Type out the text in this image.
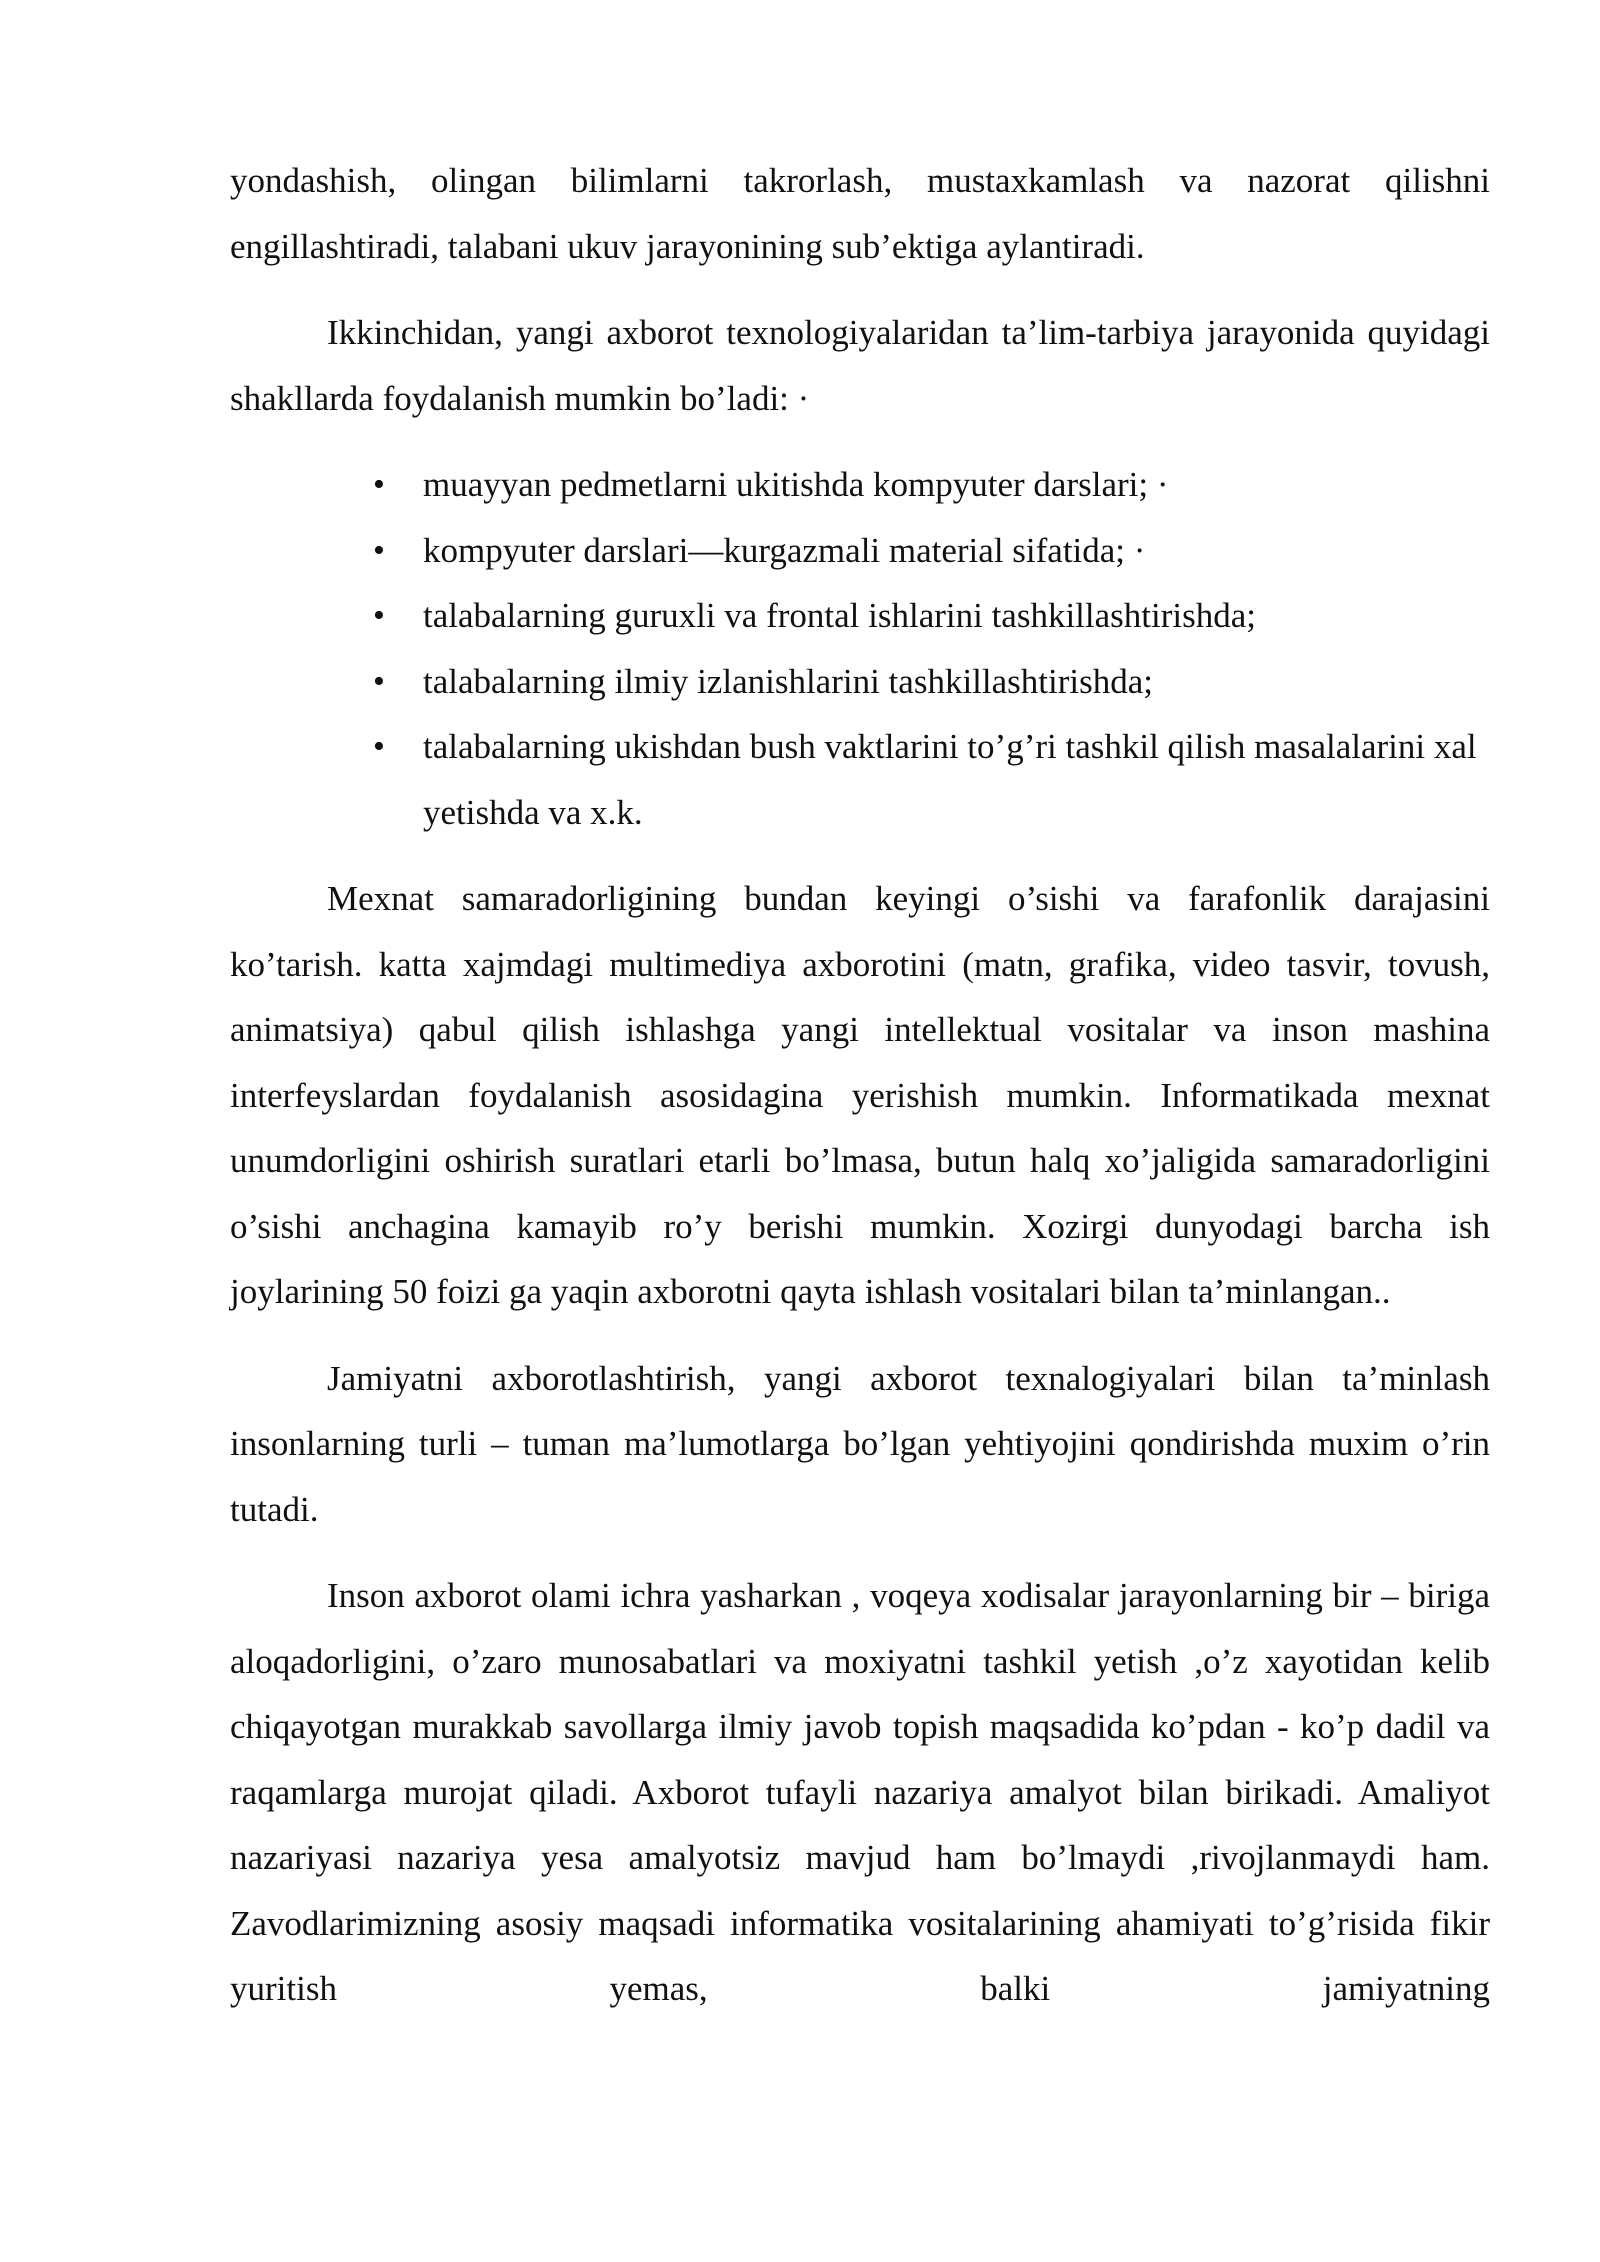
yondashish, olingan bilimlarni takrorlash, mustaxkamlash va nazorat qilishni engillashtiradi, talabani ukuv jarayonining sub’ektiga aylantiradi.

Ikkinchidan, yangi axborot texnologiyalaridan ta’lim-tarbiya jarayonida quyidagi shakllarda foydalanish mumkin bo’ladi: ·

• muayyan pedmetlarni ukitishda kompyuter darslari; ·
• kompyuter darslari—kurgazmali material sifatida; ·
• talabalarning guruxli va frontal ishlarini tashkillashtirishda;
• talabalarning ilmiy izlanishlarini tashkillashtirishda;
• talabalarning ukishdan bush vaktlarini to’g’ri tashkil qilish masalalarini xal yetishda va x.k.

Mexnat samaradorligining bundan keyingi o’sishi va farafonlik darajasini ko’tarish. katta xajmdagi multimediya axborotini (matn, grafika, video tasvir, tovush, animatsiya) qabul qilish ishlashga yangi intellektual vositalar va inson mashina interfeyslardan foydalanish asosidagina yerishish mumkin. Informatikada mexnat unumdorligini oshirish suratlari etarli bo’lmasa, butun halq xo’jaligida samaradorligini o’sishi anchagina kamayib ro’y berishi mumkin. Xozirgi dunyodagi barcha ish joylarining 50 foizi ga yaqin axborotni qayta ishlash vositalari bilan ta’minlangan..

Jamiyatni axborotlashtirish, yangi axborot texnalogiyalari bilan ta’minlash insonlarning turli – tuman ma’lumotlarga bo’lgan yehtiyojini qondirishda muxim o’rin tutadi.

Inson axborot olami ichra yasharkan , voqeya xodisalar jarayonlarning bir – biriga aloqadorligini, o’zaro munosabatlari va moxiyatni tashkil yetish ,o’z xayotidan kelib chiqayotgan murakkab savollarga ilmiy javob topish maqsadida ko’pdan - ko’p dadil va raqamlarga murojat qiladi. Axborot tufayli nazariya amalyot bilan birikadi. Amaliyot nazariyasi nazariya yesa amalyotsiz mavjud ham bo’lmaydi ,rivojlanmaydi ham. Zavodlarimizning asosiy maqsadi informatika vositalarining ahamiyati to’g’risida fikir yuritish yemas, balki jamiyatning
